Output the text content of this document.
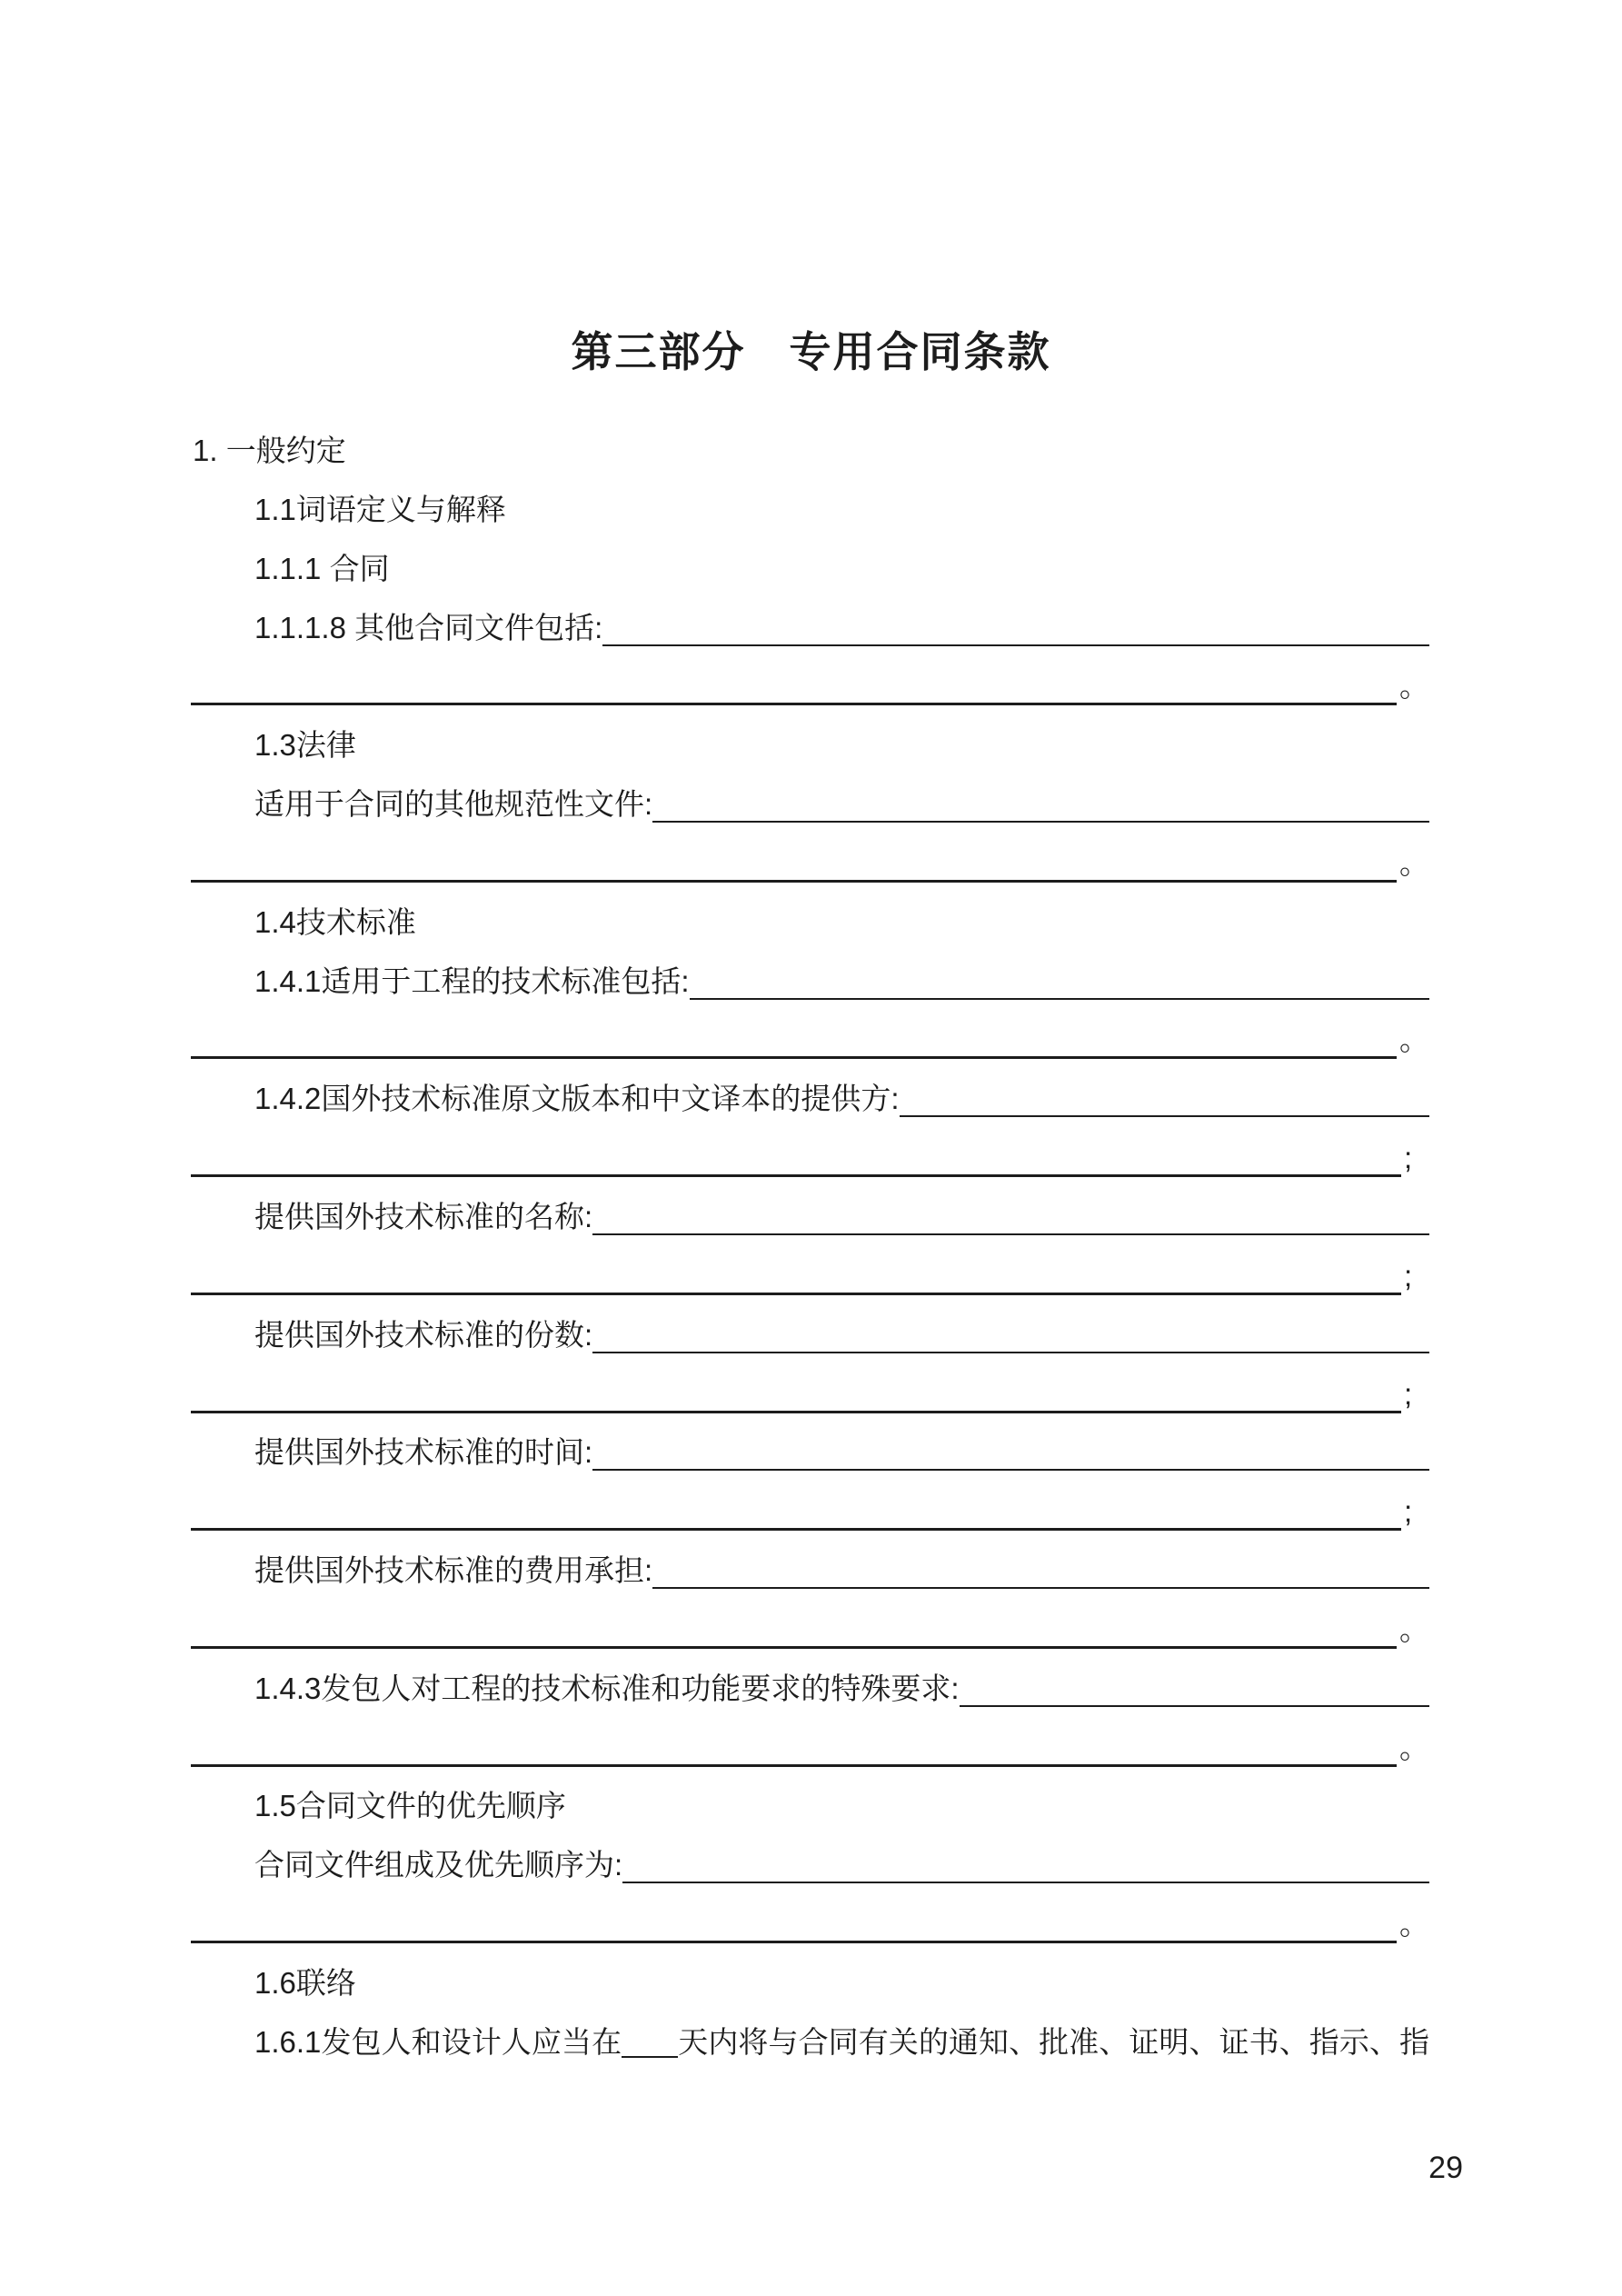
第三部分　专用合同条款
1. 一般约定
1.1词语定义与解释
1.1.1 合同
1.1.1.8 其他合同文件包括:
。
1.3法律
适用于合同的其他规范性文件:
。
1.4技术标准
1.4.1适用于工程的技术标准包括:
。
1.4.2国外技术标准原文版本和中文译本的提供方:
;
提供国外技术标准的名称:
;
提供国外技术标准的份数:
;
提供国外技术标准的时间:
;
提供国外技术标准的费用承担:
。
1.4.3发包人对工程的技术标准和功能要求的特殊要求:
。
1.5合同文件的优先顺序
合同文件组成及优先顺序为:
。
1.6联络
1.6.1发包人和设计人应当在 天内将与合同有关的通知、批准、证明、证书、指示、指
29
